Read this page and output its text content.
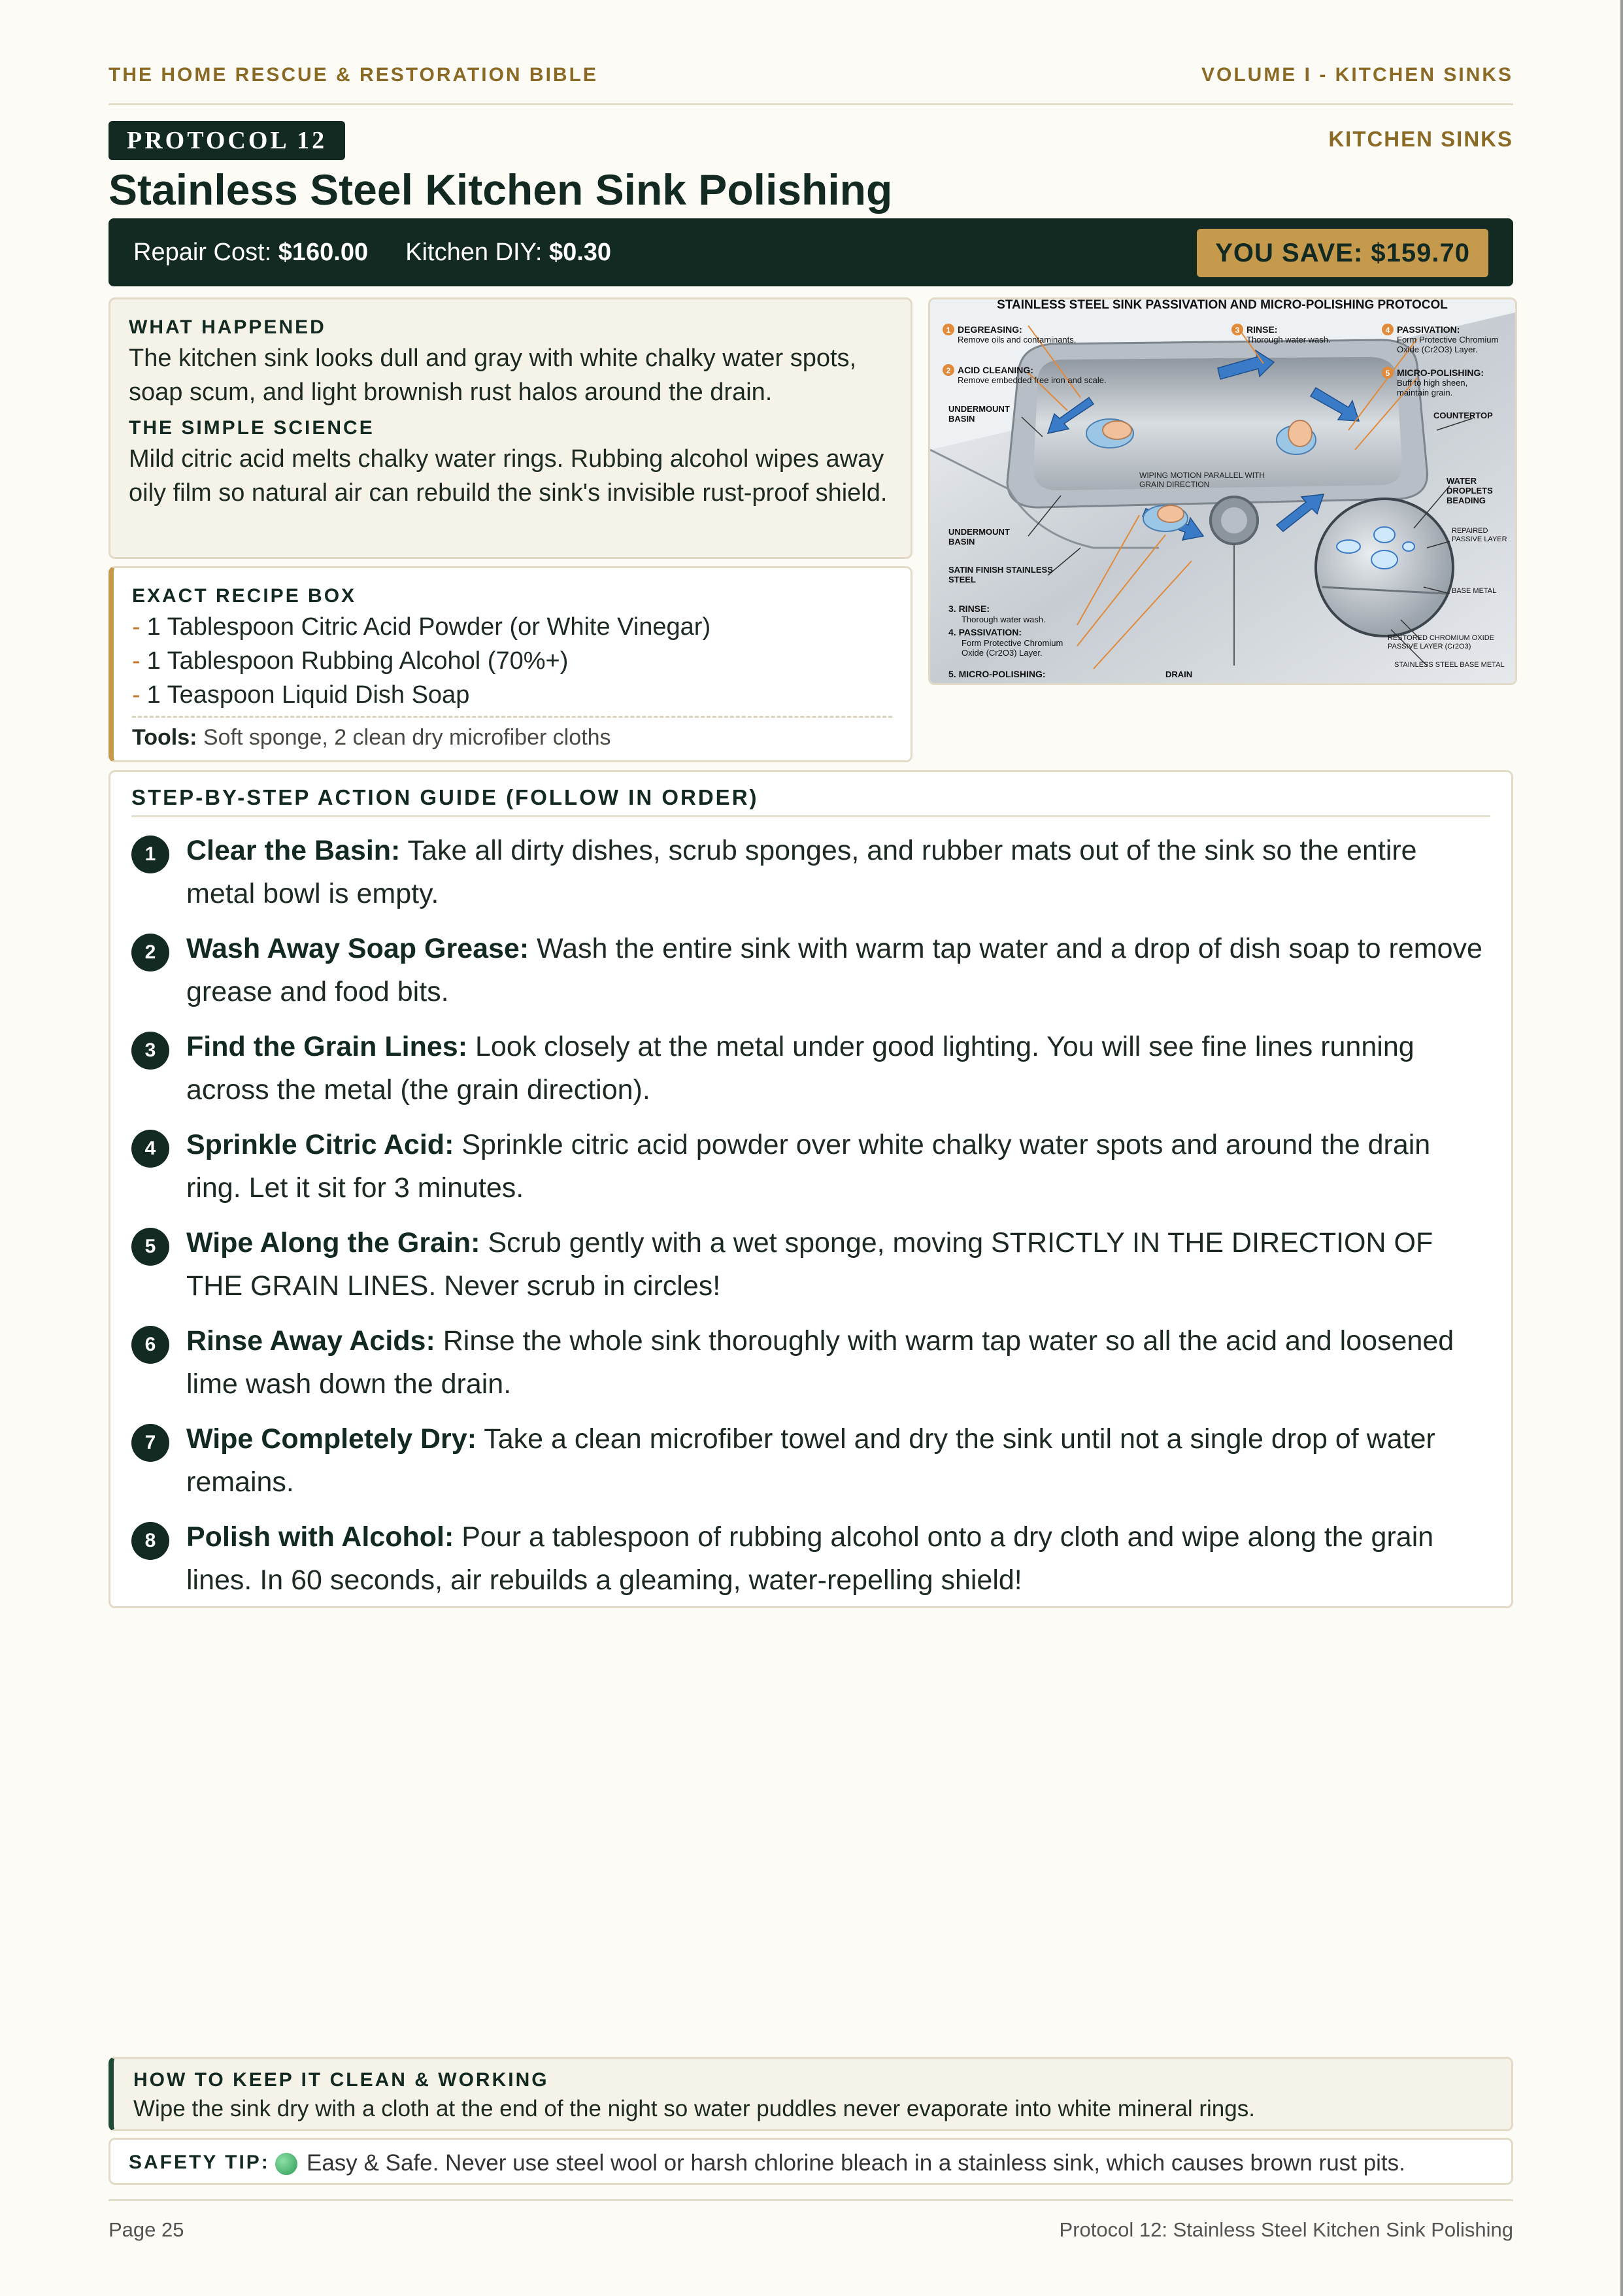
THE HOME RESCUE & RESTORATION BIBLE	VOLUME I - KITCHEN SINKS
PROTOCOL 12	KITCHEN SINKS
Stainless Steel Kitchen Sink Polishing
Repair Cost: $160.00 Kitchen DIY: $0.30	YOU SAVE: $159.70
WHAT HAPPENED

The kitchen sink looks dull and gray with white chalky water spots, soap scum, and light brownish rust halos around the drain.

THE SIMPLE SCIENCE

Mild citric acid melts chalky water rings. Rubbing alcohol wipes away oily film so natural air can rebuild the sink's invisible rust-proof shield.

EXACT RECIPE BOX
- 1 Tablespoon Citric Acid Powder (or White Vinegar)
- 1 Tablespoon Rubbing Alcohol (70%+)
- 1 Teaspoon Liquid Dish Soap
Tools: Soft sponge, 2 clean dry microfiber cloths
STAINLESS STEEL SINK PASSIVATION AND MICRO-POLISHING PROTOCOL
1 DEGREASING:
Remove oils and contaminants.
2 ACID CLEANING:
Remove embedded free iron and scale.
3 RINSE:
Thorough water wash.
4 PASSIVATION:
Form Protective Chromium Oxide (Cr2O3) Layer.
5 MICRO-POLISHING:
Buff to high sheen, maintain grain.
UNDERMOUNT BASIN	COUNTERTOP
WIPING MOTION PARALLEL WITH GRAIN DIRECTION	WATER DROPLETS BEADING
REPAIRED PASSIVE LAYER
BASE METAL
UNDERMOUNT BASIN
SATIN FINISH STAINLESS STEEL
3. RINSE:
Thorough water wash.
4. PASSIVATION:
Form Protective Chromium Oxide (Cr2O3) Layer.
5. MICRO-POLISHING:	DRAIN
RESTORED CHROMIUM OXIDE PASSIVE LAYER (Cr2O3)
STAINLESS STEEL BASE METAL
STEP-BY-STEP ACTION GUIDE (FOLLOW IN ORDER)
1	Clear the Basin: Take all dirty dishes, scrub sponges, and rubber mats out of the sink so the entire metal bowl is empty.
2	Wash Away Soap Grease: Wash the entire sink with warm tap water and a drop of dish soap to remove grease and food bits.
3	Find the Grain Lines: Look closely at the metal under good lighting. You will see fine lines running across the metal (the grain direction).
4	Sprinkle Citric Acid: Sprinkle citric acid powder over white chalky water spots and around the drain ring. Let it sit for 3 minutes.
5	Wipe Along the Grain: Scrub gently with a wet sponge, moving STRICTLY IN THE DIRECTION OF THE GRAIN LINES. Never scrub in circles!
6	Rinse Away Acids: Rinse the whole sink thoroughly with warm tap water so all the acid and loosened lime wash down the drain.
7	Wipe Completely Dry: Take a clean microfiber towel and dry the sink until not a single drop of water remains.
8	Polish with Alcohol: Pour a tablespoon of rubbing alcohol onto a dry cloth and wipe along the grain lines. In 60 seconds, air rebuilds a gleaming, water-repelling shield!
HOW TO KEEP IT CLEAN & WORKING

Wipe the sink dry with a cloth at the end of the night so water puddles never evaporate into white mineral rings.

SAFETY TIP: Easy & Safe. Never use steel wool or harsh chlorine bleach in a stainless sink, which causes brown rust pits.
Page 25	Protocol 12: Stainless Steel Kitchen Sink Polishing
